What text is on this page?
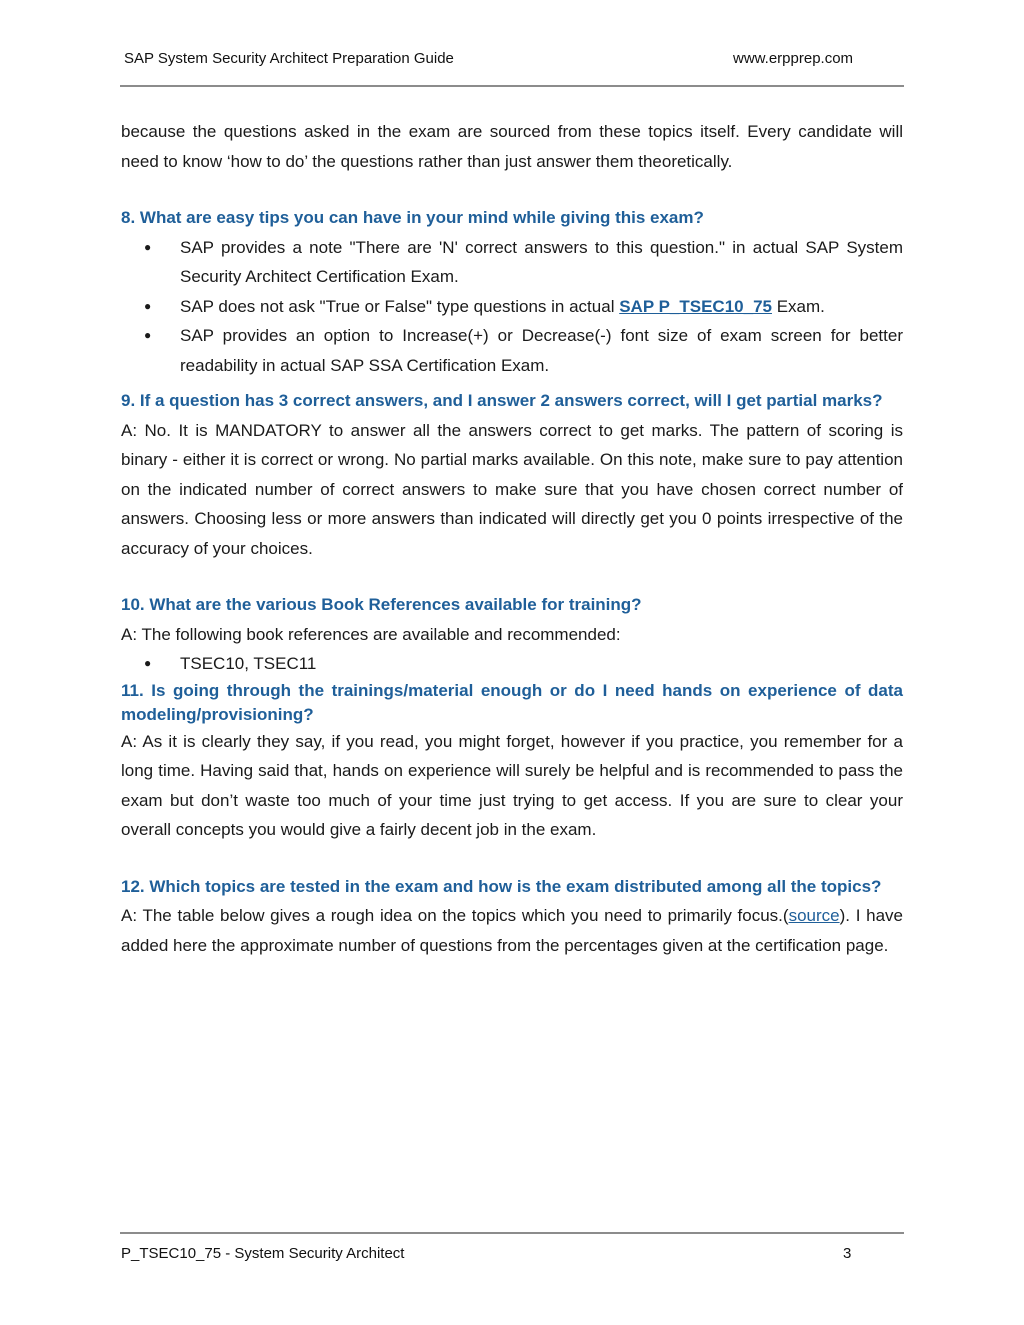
SAP System Security Architect Preparation Guide	www.erpprep.com

because the questions asked in the exam are sourced from these topics itself. Every candidate will need to know ‘how to do’ the questions rather than just answer them theoretically.

8. What are easy tips you can have in your mind while giving this exam?

● SAP provides a note "There are 'N' correct answers to this question." in actual SAP System Security Architect Certification Exam.
● SAP does not ask "True or False" type questions in actual SAP P_TSEC10_75 Exam.
● SAP provides an option to Increase(+) or Decrease(-) font size of exam screen for better readability in actual SAP SSA Certification Exam.

9. If a question has 3 correct answers, and I answer 2 answers correct, will I get partial marks?

A: No. It is MANDATORY to answer all the answers correct to get marks. The pattern of scoring is binary - either it is correct or wrong. No partial marks available. On this note, make sure to pay attention on the indicated number of correct answers to make sure that you have chosen correct number of answers. Choosing less or more answers than indicated will directly get you 0 points irrespective of the accuracy of your choices.

10. What are the various Book References available for training?

A: The following book references are available and recommended:

● TSEC10, TSEC11

11. Is going through the trainings/material enough or do I need hands on experience of data modeling/provisioning?

A: As it is clearly they say, if you read, you might forget, however if you practice, you remember for a long time. Having said that, hands on experience will surely be helpful and is recommended to pass the exam but don’t waste too much of your time just trying to get access. If you are sure to clear your overall concepts you would give a fairly decent job in the exam.

12. Which topics are tested in the exam and how is the exam distributed among all the topics?

A: The table below gives a rough idea on the topics which you need to primarily focus.(source). I have added here the approximate number of questions from the percentages given at the certification page.

P_TSEC10_75 - System Security Architect	3
